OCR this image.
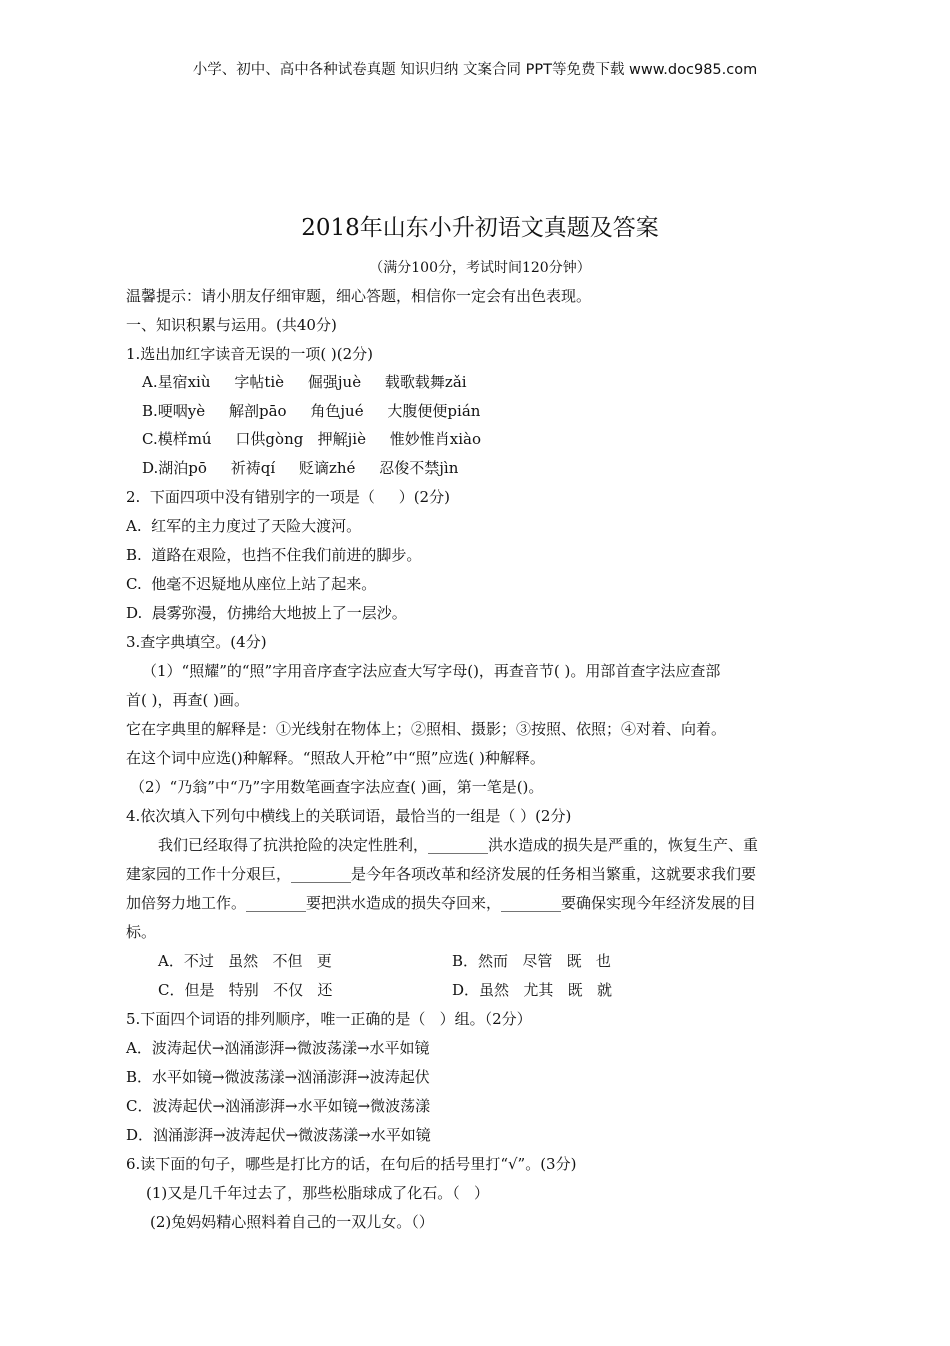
小学、初中、高中各种试卷真题 知识归纳 文案合同 PPT等免费下载 www.doc985.com
2018年山东小升初语文真题及答案
（满分100分，考试时间120分钟）
温馨提示：请小朋友仔细审题，细心答题，相信你一定会有出色表现。
一、知识积累与运用。(共40分)
1.选出加红字读音无误的一项( )(2分)
A.星宿xiù     字帖tiè     倔强juè     载歌载舞zǎi
B.哽咽yè     解剖pāo     角色jué     大腹便便pián
C.模样mú     口供gòng   押解jiè     惟妙惟肖xiào
D.湖泊pō     祈祷qí     贬谪zhé     忍俊不禁jìn
2.  下面四项中没有错别字的一项是（     ）(2分)
A.  红军的主力度过了天险大渡河。
B.  道路在艰险，也挡不住我们前进的脚步。
C.  他毫不迟疑地从座位上站了起来。
D.  晨雾弥漫，仿拂给大地披上了一层沙。
3.查字典填空。(4分)
（1）“照耀”的“照”字用音序查字法应查大写字母()，再查音节( )。用部首查字法应查部
首( )，再查( )画。
它在字典里的解释是：①光线射在物体上；②照相、摄影；③按照、依照；④对着、向着。
在这个词中应选()种解释。“照敌人开枪”中“照”应选( )种解释。
（2）“乃翁”中“乃”字用数笔画查字法应查( )画，第一笔是()。
4.依次填入下列句中横线上的关联词语，最恰当的一组是（ ）(2分)
我们已经取得了抗洪抢险的决定性胜利，________洪水造成的损失是严重的，恢复生产、重
建家园的工作十分艰巨，________是今年各项改革和经济发展的任务相当繁重，这就要求我们要
加倍努力地工作。________要把洪水造成的损失夺回来，________要确保实现今年经济发展的目
标。
A．不过   虽然   不但   更	B．然而   尽管   既   也
C．但是   特别   不仅   还	D．虽然   尤其   既   就
5.下面四个词语的排列顺序，唯一正确的是（   ）组。（2分）
A．波涛起伏→汹涌澎湃→微波荡漾→水平如镜
B．水平如镜→微波荡漾→汹涌澎湃→波涛起伏
C．波涛起伏→汹涌澎湃→水平如镜→微波荡漾
D．汹涌澎湃→波涛起伏→微波荡漾→水平如镜
6.读下面的句子，哪些是打比方的话，在句后的括号里打“√”。(3分)
(1)又是几千年过去了，那些松脂球成了化石。（   ）
(2)兔妈妈精心照料着自己的一双儿女。（）
